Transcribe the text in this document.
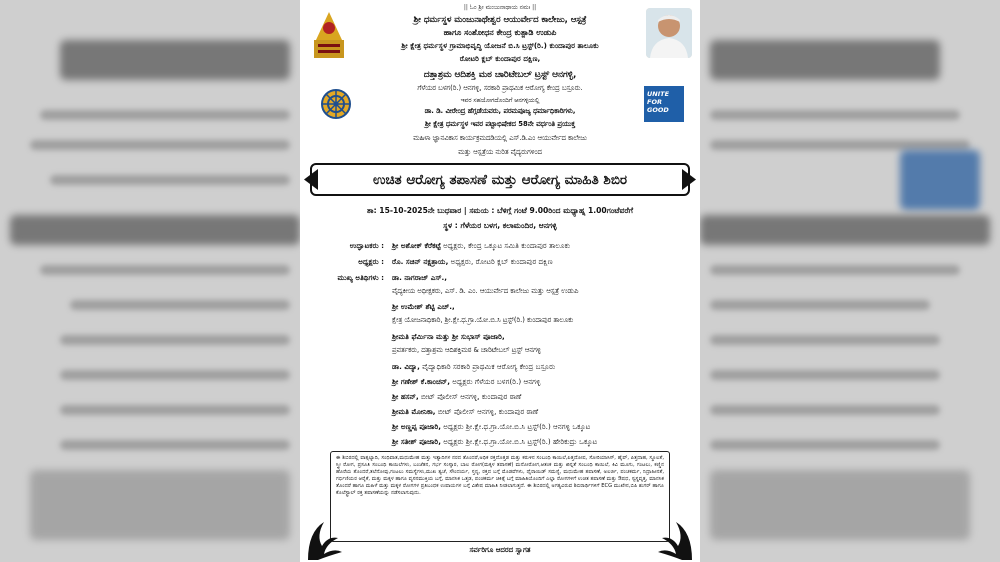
|| ಓಂ ಶ್ರೀ ಮಂಜುನಾಥಾಯ ನಮಃ ||
UNITE FOR GOOD
ಶ್ರೀ ಧರ್ಮಸ್ಥಳ ಮಂಜುನಾಥೇಶ್ವರ ಆಯುರ್ವೇದ ಕಾಲೇಜು, ಆಸ್ಪತ್ರೆ
ಹಾಗೂ ಸಂಶೋಧನ ಕೇಂದ್ರ ಕುತ್ಪಾಡಿ ಉಡುಪಿ
ಶ್ರೀ ಕ್ಷೇತ್ರ ಧರ್ಮಸ್ಥಳ ಗ್ರಾಮಾಭಿವೃದ್ಧಿ ಯೋಜನೆ ಬಿ.ಸಿ ಟ್ರಸ್ಟ್(ರಿ.) ಕುಂದಾಪುರ ತಾಲೂಕು
ರೋಟರಿ ಕ್ಲಬ್ ಕುಂದಾಪುರ ದಕ್ಷಿಣ,
ದತ್ತಾಶ್ರಮ ಆದಿಶಕ್ತಿ ಮಠ ಚಾರಿಟೇಬಲ್ ಟ್ರಸ್ಟ್ ಆನಗಳ್ಳಿ,
ಗೆಳೆಯರ ಬಳಗ(ರಿ.) ಆನಗಳ್ಳಿ, ಸರಕಾರಿ ಪ್ರಾಥಮಿಕ ಆರೋಗ್ಯ ಕೇಂದ್ರ ಬಸ್ರೂರು.
ಇವರ ಸಹಯೋಗದೊಂದಿಗೆ ಆನಗಳ್ಳಿಯಲ್ಲಿ
ಡಾ. ಡಿ. ವೀರೇಂದ್ರ ಹೆಗ್ಗಡೆಯವರು, ಪರಮಪೂಜ್ಯ ಧರ್ಮಾಧಿಕಾರಿಗಳು,
ಶ್ರೀ ಕ್ಷೇತ್ರ ಧರ್ಮಸ್ಥಳ ಇವರ ಪಟ್ಟಾಭಿಷೇಕದ 58ನೇ ವರ್ಧಂತಿ ಪ್ರಯುಕ್ತ
ಮಹಿಳಾ ಜ್ಞಾನವಿಕಾಸ ಕಾರ್ಯಕ್ರಮದಡಿಯಲ್ಲಿ ಎಸ್.ಡಿ.ಎಂ ಆಯುರ್ವೇದ ಕಾಲೇಜು
ಮತ್ತು ಆಸ್ಪತ್ರೆಯ ನುರಿತ ವೈದ್ಯರುಗಳಿಂದ
ಉಚಿತ ಆರೋಗ್ಯ ತಪಾಸಣೆ ಮತ್ತು ಆರೋಗ್ಯ ಮಾಹಿತಿ ಶಿಬಿರ
ತಾ: 15-10-2025ನೇ ಬುಧವಾರ | ಸಮಯ : ಬೆಳಿಗ್ಗೆ ಗಂಟೆ 9.00ರಿಂದ ಮಧ್ಯಾಹ್ನ 1.00ಗಂಟೆವರೆಗೆ
ಸ್ಥಳ : ಗೆಳೆಯರ ಬಳಗ, ಕಲಾಮಂದಿರ, ಆನಗಳ್ಳಿ
ಉದ್ಘಾಟಕರು :
ಅಧ್ಯಕ್ಷರು :
ಮುಖ್ಯ ಅತಿಥಿಗಳು :
ಶ್ರೀ ಅಶೋಕ್ ಕೆರೆಕಟ್ಟೆ ಅಧ್ಯಕ್ಷರು, ಕೇಂದ್ರ ಒಕ್ಕೂಟ ಸಮಿತಿ ಕುಂದಾಪುರ ತಾಲೂಕು
ರೊ. ಸಚಿನ್ ನಕ್ಷತ್ರಾಯ, ಅಧ್ಯಕ್ಷರು, ರೋಟರಿ ಕ್ಲಬ್ ಕುಂದಾಪುರ ದಕ್ಷಿಣ
ಡಾ. ನಾಗರಾಜ್ ಎಸ್.,
ವೈದ್ಯಕೀಯ ಅಧೀಕ್ಷಕರು, ಎಸ್. ಡಿ. ಎಂ. ಆಯುರ್ವೇದ ಕಾಲೇಜು ಮತ್ತು ಆಸ್ಪತ್ರೆ ಉಡುಪಿ
ಶ್ರೀ ಉಮೇಶ್ ಶೆಟ್ಟಿ ಎಚ್.,
ಕ್ಷೇತ್ರ ಯೋಜನಾಧಿಕಾರಿ, ಶ್ರೀ.ಕ್ಷೇ.ಧ.ಗ್ರಾ.ಯೋ.ಬಿ.ಸಿ ಟ್ರಸ್ಟ್(ರಿ.) ಕುಂದಾಪುರ ತಾಲೂಕು
ಶ್ರೀಮತಿ ಫೆರ್ಮಿನಾ ಮತ್ತು ಶ್ರೀ ಸುಭಾಸ್ ಪೂಜಾರಿ,
ಪ್ರವರ್ತಕರು, ದತ್ತಾಶ್ರಮ ಆದಿಶಕ್ತಿಮಠ & ಚಾರಿಟೇಬಲ್ ಟ್ರಸ್ಟ್ ಆನಗಳ್ಳಿ
ಡಾ. ವಿದ್ಯಾ, ವೈದ್ಯಾಧಿಕಾರಿ ಸರಕಾರಿ ಪ್ರಾಥಮಿಕ ಆರೋಗ್ಯ ಕೇಂದ್ರ ಬಸ್ರೂರು
ಶ್ರೀ ಗಣೇಶ್ ಕೆ.ಕಾಂಚನ್, ಅಧ್ಯಕ್ಷರು ಗೆಳೆಯರ ಬಳಗ(ರಿ.) ಆನಗಳ್ಳಿ
ಶ್ರೀ ಹಸನ್, ಬೀಟ್ ಪೊಲೀಸ್ ಆನಗಳ್ಳಿ, ಕುಂದಾಪುರ ಠಾಣೆ
ಶ್ರೀಮತಿ ಮೋನಿಕಾ, ಬೀಟ್ ಪೊಲೀಸ್ ಆನಗಳ್ಳಿ, ಕುಂದಾಪುರ ಠಾಣೆ
ಶ್ರೀ ಅಣ್ಣಪ್ಪ ಪೂಜಾರಿ, ಅಧ್ಯಕ್ಷರು ಶ್ರೀ.ಕ್ಷೇ.ಧ.ಗ್ರಾ.ಯೋ.ಬಿ.ಸಿ ಟ್ರಸ್ಟ್(ರಿ.) ಆನಗಳ್ಳಿ ಒಕ್ಕೂಟ
ಶ್ರೀ ಸತೀಶ್ ಪೂಜಾರಿ, ಅಧ್ಯಕ್ಷರು ಶ್ರೀ.ಕ್ಷೇ.ಧ.ಗ್ರಾ.ಯೋ.ಬಿ.ಸಿ ಟ್ರಸ್ಟ್(ರಿ.) ಹೇರಿಕುದ್ರು ಒಕ್ಕೂಟ
ಈ ಶಿಬಿರದಲ್ಲಿ ವಾತ್ಸಲ್ಯಾದಿ, ಸಂಧಿವಾತ,ಮಧುಮೇಹ ಮತ್ತು ಇತ್ಯಾದಿಗಳ ನರದ ತೊಂದರೆ,ಅಧಿಕ ರಕ್ತದೊತ್ತಡ ಮತ್ತು ಕರುಳಿನ ಸಂಬಂಧಿ ಕಾಯಿಲೆ,ಪಿತ್ತದೋಷ, ಸೋರಿಯಾಸಿಸ್, ಹೈಪ್, ಪಿತ್ತದಾಹ, ಸ್ಥೂಲತೆ, ಸ್ತ್ರೀ ರೋಗ, ಪ್ರಸೂತಿ ಸಂಬಂಧಿ ಕಾಯಿಲೆಗಳು, ಬಂಜೆತನ, ಗರ್ಭ ಸಂಸ್ಕಾರ, ಬಾಲ ರೋಗ(ಮಕ್ಕಳ ತಪಾಸಣೆ) ಮನೋರೋಗ,ಆತಂಕ ಮತ್ತು ಖಿನ್ನತೆ ಸಂಬಂಧಿ ಕಾಯಿಲೆ, ಕಿವಿ ಮೂಗು, ಗಂಟಲು, ಕಣ್ಣಿನ ಹೊರೆಯ ತೊಂದರೆ,ತಲೆನೋವು,ಗಂಟಲು ಸಮಸ್ಯೆಗಳು,ಮುಖ ತ್ವಚೆ, ಸೌಂದರ್ಯ, ಸ್ತನ್ಯ, ರಕ್ತದ ಬಗ್ಗೆ ಮೊಡವೆಗಳು, ಥೈರಾಯಿಡ್ ಸಮಸ್ಯೆ, ಮಧುಮೇಹ ತಪಾಸಣೆ, ಅಲರ್ಜಿ, ಪಂಚಕರ್ಮ, ನಿದ್ರಾಹೀನತೆ, ಗರ್ಭಿಣಿಯರ ಆರೈಕೆ, ಮತ್ತು ಮಕ್ಕಳ ಹಾಗೂ ವ್ಯಸನಮುಕ್ತಿಯ ಬಗ್ಗೆ, ಮಾನಸಿಕ ಒತ್ತಡ, ಪಂಚಕರ್ಮ ಚಿಕಿತ್ಸೆ ಬಗ್ಗೆ ಮಾಹಿತಿಯೊಂದಿಗೆ ಎಲ್ಲಾ ರೋಗಗಳಿಗೆ ಉಚಿತ ತಪಾಸಣೆ ಮತ್ತು ಔಷಧ, ಸ್ವಸ್ಥವೃತ್ತ, ಮಾನಸಿಕ ತೊಂದರೆ ಹಾಗೂ ಮಹಿಳೆ ಮತ್ತು ಮಕ್ಕಳ ರೋಗಗಳ ಪ್ರತಿಬಂಧಕ ಉಪಾಯಗಳ ಬಗ್ಗೆ ವಿಶೇಷ ಮಾಹಿತಿ ನೀಡಲಾಗುತ್ತದೆ. ಈ ಶಿಬಿರದಲ್ಲಿ ಅಗತ್ಯವಿರುವ ಶಿಬಿರಾರ್ಥಿಗಳಿಗೆ ECG ಮುಖೇನ,ಬಿಪಿ ಶುಗರ್ ಹಾಗೂ ಕೊಲೆಸ್ಟ್ರಾಲ್ ರಕ್ತ ತಪಾಸಣೆಯನ್ನು ನಡೆಸಲಾಗುವುದು.
ಸರ್ವರಿಗೂ ಆದರದ ಸ್ವಾಗತ
